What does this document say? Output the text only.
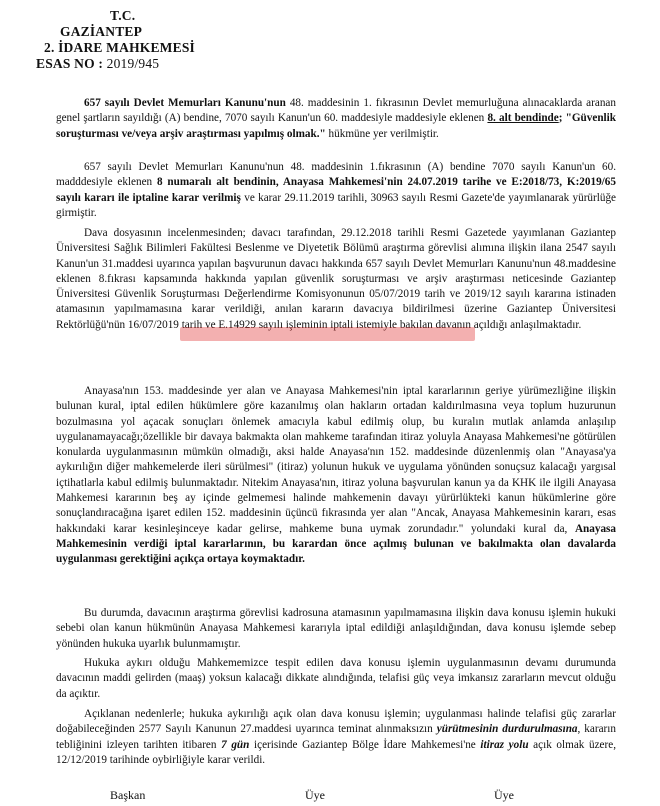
T.C.
GAZİANTEP
2. İDARE MAHKEMESİ
ESAS NO : 2019/945

657 sayılı Devlet Memurları Kanunu'nun 48. maddesinin 1. fıkrasının Devlet memurluğuna alınacaklarda aranan genel şartların sayıldığı (A) bendine, 7070 sayılı Kanun'un 60. maddesiyle maddesiyle eklenen 8. alt bendinde; "Güvenlik soruşturması ve/veya arşiv araştırması yapılmış olmak." hükmüne yer verilmiştir.

657 sayılı Devlet Memurları Kanunu'nun 48. maddesinin 1.fıkrasının (A) bendine 7070 sayılı Kanun'un 60. madddesiyle eklenen 8 numaralı alt bendinin, Anayasa Mahkemesi'nin 24.07.2019 tarihe ve E:2018/73, K:2019/65 sayılı kararı ile iptaline karar verilmiş ve karar 29.11.2019 tarihli, 30963 sayılı Resmi Gazete'de yayımlanarak yürürlüğe girmiştir.

Dava dosyasının incelenmesinden; davacı tarafından, 29.12.2018 tarihli Resmi Gazetede yayımlanan Gaziantep Üniversitesi Sağlık Bilimleri Fakültesi Beslenme ve Diyetetik Bölümü araştırma görevlisi alımına ilişkin ilana 2547 sayılı Kanun'un 31.maddesi uyarınca yapılan başvurunun davacı hakkında 657 sayılı Devlet Memurları Kanunu'nun 48.maddesine eklenen 8.fıkrası kapsamında hakkında yapılan güvenlik soruşturması ve arşiv araştırması neticesinde Gaziantep Üniversitesi Güvenlik Soruşturması Değerlendirme Komisyonunun 05/07/2019 tarih ve 2019/12 sayılı kararına istinaden atamasının yapılmamasına karar verildiği, anılan kararın davacıya bildirilmesi üzerine Gaziantep Üniversitesi Rektörlüğü'nün 16/07/2019 tarih ve E.14929 sayılı işleminin iptali istemiyle bakılan davanın açıldığı anlaşılmaktadır.

Anayasa'nın 153. maddesinde yer alan ve Anayasa Mahkemesi'nin iptal kararlarının geriye yürümezliğine ilişkin bulunan kural, iptal edilen hükümlere göre kazanılmış olan hakların ortadan kaldırılmasına veya toplum huzurunun bozulmasına yol açacak sonuçları önlemek amacıyla kabul edilmiş olup, bu kuralın mutlak anlamda anlaşılıp uygulanamayacağı;özellikle bir davaya bakmakta olan mahkeme tarafından itiraz yoluyla Anayasa Mahkemesi'ne götürülen konularda uygulanmasının mümkün olmadığı, aksi halde Anayasa'nın 152. maddesinde düzenlenmiş olan "Anayasa'ya aykırılığın diğer mahkemelerde ileri sürülmesi" (itiraz) yolunun hukuk ve uygulama yönünden sonuçsuz kalacağı yargısal içtihatlarla kabul edilmiş bulunmaktadır. Nitekim Anayasa'nın, itiraz yoluna başvurulan kanun ya da KHK ile ilgili Anayasa Mahkemesi kararının beş ay içinde gelmemesi halinde mahkemenin davayı yürürlükteki kanun hükümlerine göre sonuçlandıracağına işaret edilen 152. maddesinin üçüncü fıkrasında yer alan "Ancak, Anayasa Mahkemesinin kararı, esas hakkındaki karar kesinleşinceye kadar gelirse, mahkeme buna uymak zorundadır." yolundaki kural da, Anayasa Mahkemesinin verdiği iptal kararlarının, bu karardan önce açılmış bulunan ve bakılmakta olan davalarda uygulanması gerektiğini açıkça ortaya koymaktadır.

Bu durumda, davacının araştırma görevlisi kadrosuna atamasının yapılmamasına ilişkin dava konusu işlemin hukuki sebebi olan kanun hükmünün Anayasa Mahkemesi kararıyla iptal edildiği anlaşıldığından, dava konusu işlemde sebep yönünden hukuka uyarlık bulunmamıştır.

Hukuka aykırı olduğu Mahkememizce tespit edilen dava konusu işlemin uygulanmasının devamı durumunda davacının maddi gelirden (maaş) yoksun kalacağı dikkate alındığında, telafisi güç veya imkansız zararların mevcut olduğu da açıktır.

Açıklanan nedenlerle; hukuka aykırılığı açık olan dava konusu işlemin; uygulanması halinde telafisi güç zararlar doğabileceğinden 2577 Sayılı Kanunun 27.maddesi uyarınca teminat alınmaksızın yürütmesinin durdurulmasına, kararın tebliğinini izleyen tarihten itibaren 7 gün içerisinde Gaziantep Bölge İdare Mahkemesi'ne itiraz yolu açık olmak üzere, 12/12/2019 tarihinde oybirliğiyle karar verildi.

Başkan	Üye	Üye
